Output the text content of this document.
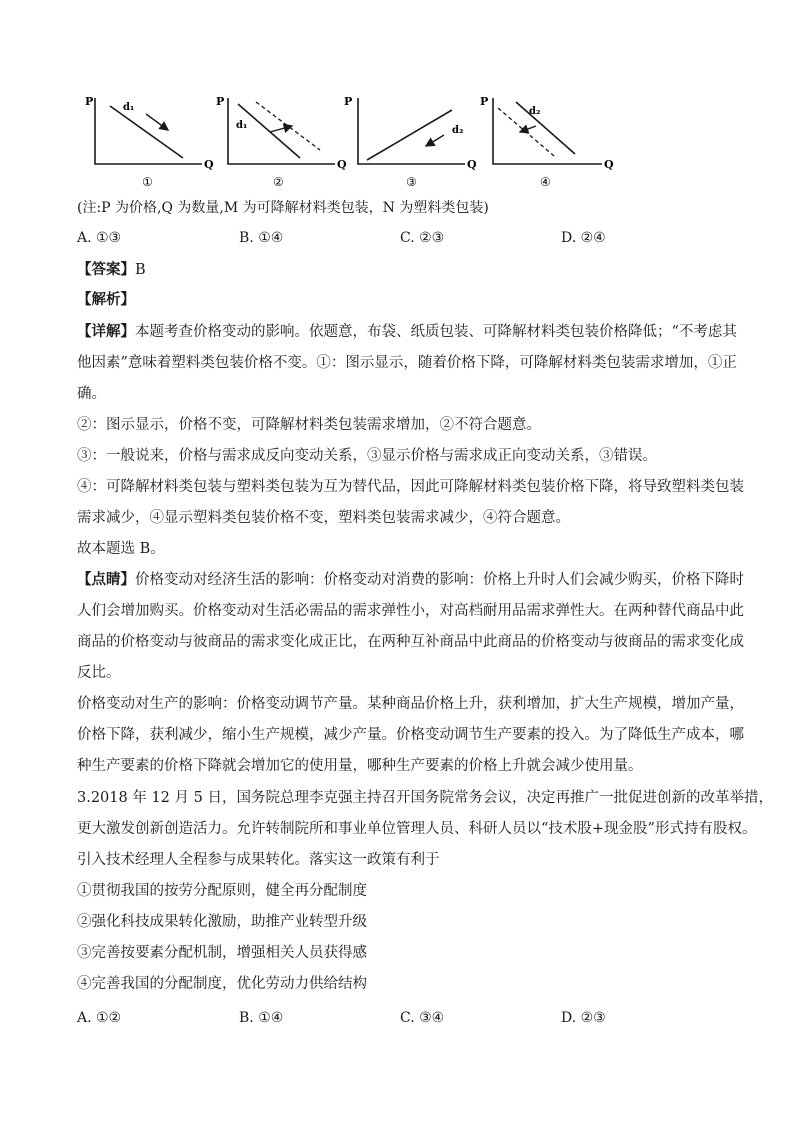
P
Q
d₁
①
P
Q
d₁
②
P
Q
d₂
③
P
Q
d₂
④
(注:P 为价格,Q 为数量,M 为可降解材料类包装，N 为塑料类包装)
A. ①③	B. ①④	C. ②③	D. ②④
【答案】B
【解析】
【详解】本题考查价格变动的影响。依题意，布袋、纸质包装、可降解材料类包装价格降低；“不考虑其
他因素”意味着塑料类包装价格不变。①：图示显示，随着价格下降，可降解材料类包装需求增加，①正
确。
②：图示显示，价格不变，可降解材料类包装需求增加，②不符合题意。
③：一般说来，价格与需求成反向变动关系，③显示价格与需求成正向变动关系，③错误。
④：可降解材料类包装与塑料类包装为互为替代品，因此可降解材料类包装价格下降，将导致塑料类包装
需求减少，④显示塑料类包装价格不变，塑料类包装需求减少，④符合题意。
故本题选 B。
【点睛】价格变动对经济生活的影响：价格变动对消费的影响：价格上升时人们会减少购买，价格下降时
人们会增加购买。价格变动对生活必需品的需求弹性小，对高档耐用品需求弹性大。在两种替代商品中此
商品的价格变动与彼商品的需求变化成正比，在两种互补商品中此商品的价格变动与彼商品的需求变化成
反比。
价格变动对生产的影响：价格变动调节产量。某种商品价格上升，获利增加，扩大生产规模，增加产量，
价格下降，获利减少，缩小生产规模，减少产量。价格变动调节生产要素的投入。为了降低生产成本，哪
种生产要素的价格下降就会增加它的使用量，哪种生产要素的价格上升就会减少使用量。
3.2018 年 12 月 5 日，国务院总理李克强主持召开国务院常务会议，决定再推广一批促进创新的改革举措，
更大激发创新创造活力。允许转制院所和事业单位管理人员、科研人员以“技术股+现金股”形式持有股权。
引入技术经理人全程参与成果转化。落实这一政策有利于
①贯彻我国的按劳分配原则，健全再分配制度
②强化科技成果转化激励，助推产业转型升级
③完善按要素分配机制，增强相关人员获得感
④完善我国的分配制度，优化劳动力供给结构
A. ①②	B. ①④	C. ③④	D. ②③
